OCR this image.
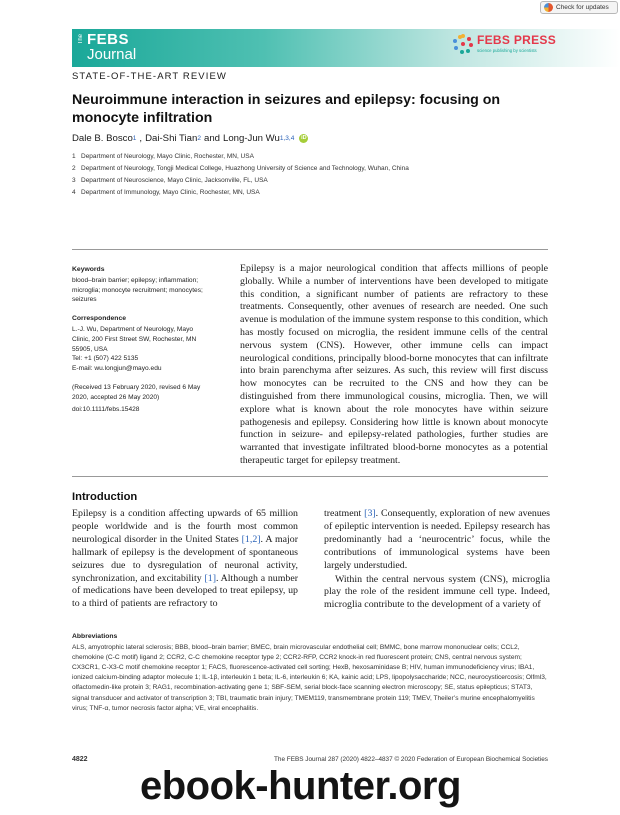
The FEBS
Journal
Check for updates
FEBS PRESS
science publishing by scientists
STATE-OF-THE-ART REVIEW
Neuroimmune interaction in seizures and epilepsy: focusing on monocyte infiltration
Dale B. Bosco 1 , Dai-Shi Tian 2 and Long-Jun Wu 1,3,4	iD
1 Department of Neurology, Mayo Clinic, Rochester, MN, USA
2 Department of Neurology, Tongji Medical College, Huazhong University of Science and Technology, Wuhan, China
3 Department of Neuroscience, Mayo Clinic, Jacksonville, FL, USA
4 Department of Immunology, Mayo Clinic, Rochester, MN, USA
Keywords
blood–brain barrier; epilepsy; inflammation; microglia; monocyte recruitment; monocytes; seizures
Correspondence
L.-J. Wu, Department of Neurology, Mayo
Clinic, 200 First Street SW, Rochester, MN
55905, USA
Tel: +1 (507) 422 5135
E-mail: wu.longjun@mayo.edu
(Received 13 February 2020, revised 6 May
2020, accepted 26 May 2020)
doi:10.1111/febs.15428

Epilepsy is a major neurological condition that affects millions of people globally. While a number of interventions have been developed to mitigate this condition, a significant number of patients are refractory to these treatments. Consequently, other avenues of research are needed. One such avenue is modulation of the immune system response to this condition, which has mostly focused on microglia, the resident immune cells of the central nervous system (CNS). However, other immune cells can impact neurological conditions, principally blood-borne monocytes that can infiltrate into brain parenchyma after seizures. As such, this review will first discuss how monocytes can be recruited to the CNS and how they can be distinguished from there immunological cousins, microglia. Then, we will explore what is known about the role monocytes have within seizure pathogenesis and epilepsy. Considering how little is known about monocyte function in seizure- and epilepsy-related pathologies, further studies are warranted that investigate infiltrated blood-borne monocytes as a potential therapeutic target for epilepsy treatment.

Introduction

Epilepsy is a condition affecting upwards of 65 million people worldwide and is the fourth most common neurological disorder in the United States [1,2]. A major hallmark of epilepsy is the development of spontaneous seizures due to dysregulation of neuronal activity, synchronization, and excitability [1]. Although a number of medications have been developed to treat epilepsy, up to a third of patients are refractory to

treatment [3]. Consequently, exploration of new avenues of epileptic intervention is needed. Epilepsy research has predominantly had a ‘neurocentric’ focus, while the contributions of immunological systems have been largely understudied.

Within the central nervous system (CNS), microglia play the role of the resident immune cell type. Indeed, microglia contribute to the development of a variety of

Abbreviations

ALS, amyotrophic lateral sclerosis; BBB, blood–brain barrier; BMEC, brain microvascular endothelial cell; BMMC, bone marrow mononuclear cells; CCL2, chemokine (C-C motif) ligand 2; CCR2, C-C chemokine receptor type 2; CCR2-RFP, CCR2 knock-in red fluorescent protein; CNS, central nervous system; CX3CR1, C-X3-C motif chemokine receptor 1; FACS, fluorescence-activated cell sorting; HexB, hexosaminidase B; HIV, human immunodeficiency virus; IBA1, ionized calcium-binding adaptor molecule 1; IL-1β, interleukin 1 beta; IL-6, interleukin 6; KA, kainic acid; LPS, lipopolysaccharide; NCC, neurocysticercosis; Olfml3, olfactomedin-like protein 3; RAG1, recombination-activating gene 1; SBF-SEM, serial block-face scanning electron microscopy; SE, status epilepticus; STAT3, signal transducer and activator of transcription 3; TBI, traumatic brain injury; TMEM119, transmembrane protein 119; TMEV, Theiler’s murine encephalomyelitis virus; TNF-α, tumor necrosis factor alpha; VE, viral encephalitis.

4822	The FEBS Journal 287 (2020) 4822–4837 © 2020 Federation of European Biochemical Societies
ebook-hunter.org
